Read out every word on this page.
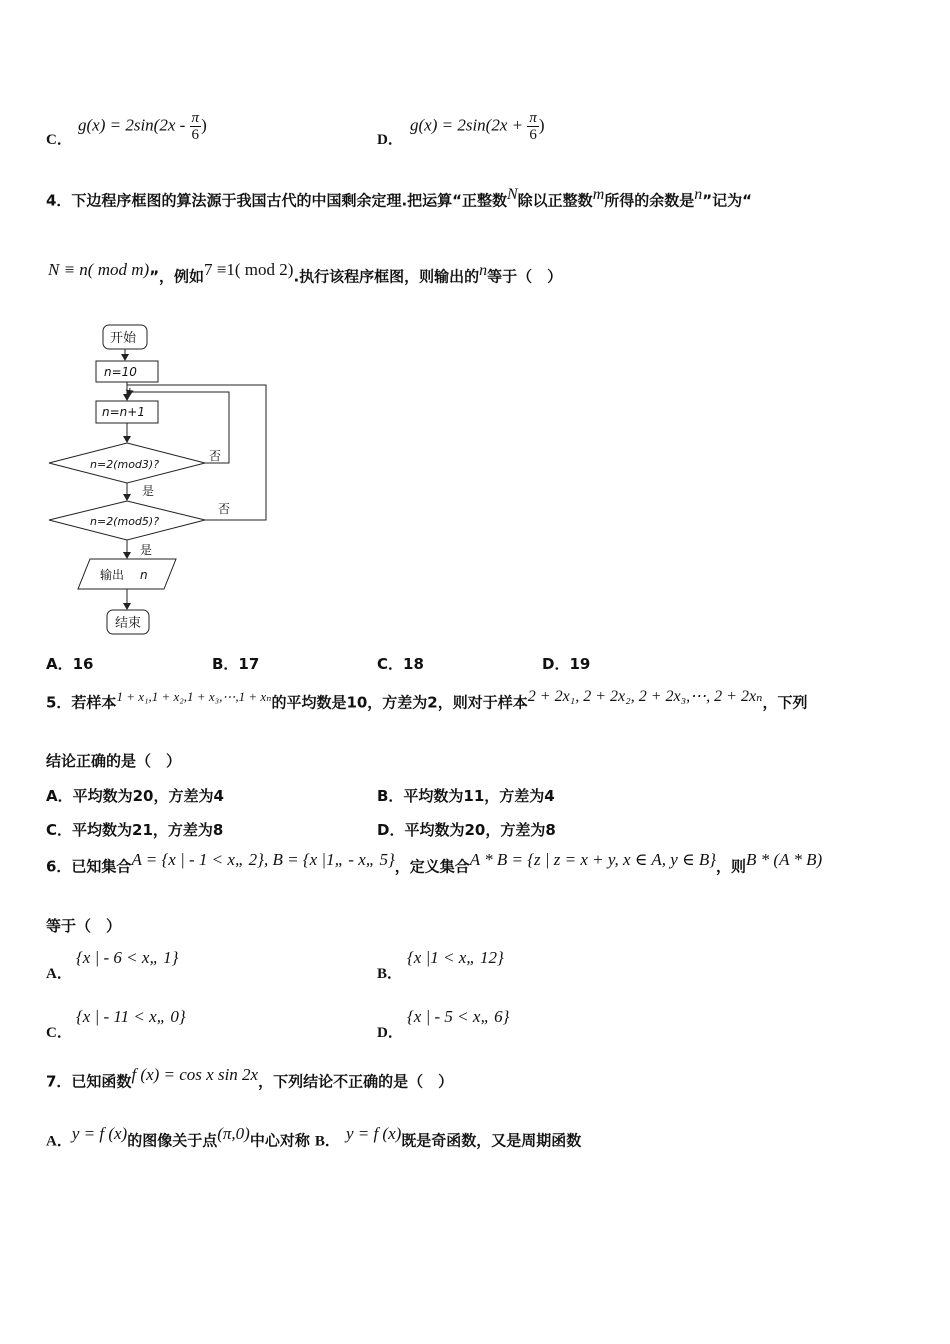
C．
$g(x) = 2\sin(2x - \frac{\pi}{6}$ )
D．
$g(x) = 2\sin(2x + \frac{\pi}{6}$ )
4．下边程序框图的算法源于我国古代的中国剩余定理.把运算“正整数$^N$除以正整数$^m$所得的余数是$^n$”记为“
$^{N \equiv n( mod m)}$”，例如$^{7 \equiv 1( mod 2)}$.执行该程序框图，则输出的$^n$等于（　）
开始
n=10
n=n+1
n=2(mod3)?
n=2(mod5)?
否
否
是
是
输出 n
结束
A．16	B．17	C．18	D．19
5．若样本$^{1 + x_1,1 + x_2,1 + x_3,\cdots,1 + x_n}$的平均数是10，方差为2，则对于样本$^{2 + 2x_1, 2 + 2x_2, 2 + 2x_3,\cdots, 2 + 2x_n}$，下列
结论正确的是（　）
A．平均数为20，方差为4	B．平均数为11，方差为4
C．平均数为21，方差为8	D．平均数为20，方差为8
6．已知集合$^{A = \{x | - 1 < x„ 2\}, B = \{x |1„ - x„ 5\}}$，定义集合$^{A * B = \{z | z = x + y, x \in A, y \in B\}}$，则$^{B * (A * B)}$
等于（　）
A．
{x | - 6 < x„ 1}
B．
{x |1 < x„ 12}
C．
{x | - 11 < x„ 0}
D．
{x | - 5 < x„ 6}
7．已知函数$^{f (x) = cos x sin 2x}$，下列结论不正确的是（　）
A．$^{y = f (x)}$的图像关于点$^{(\pi,0)}$中心对称 B． $^{y = f (x)}$既是奇函数，又是周期函数
